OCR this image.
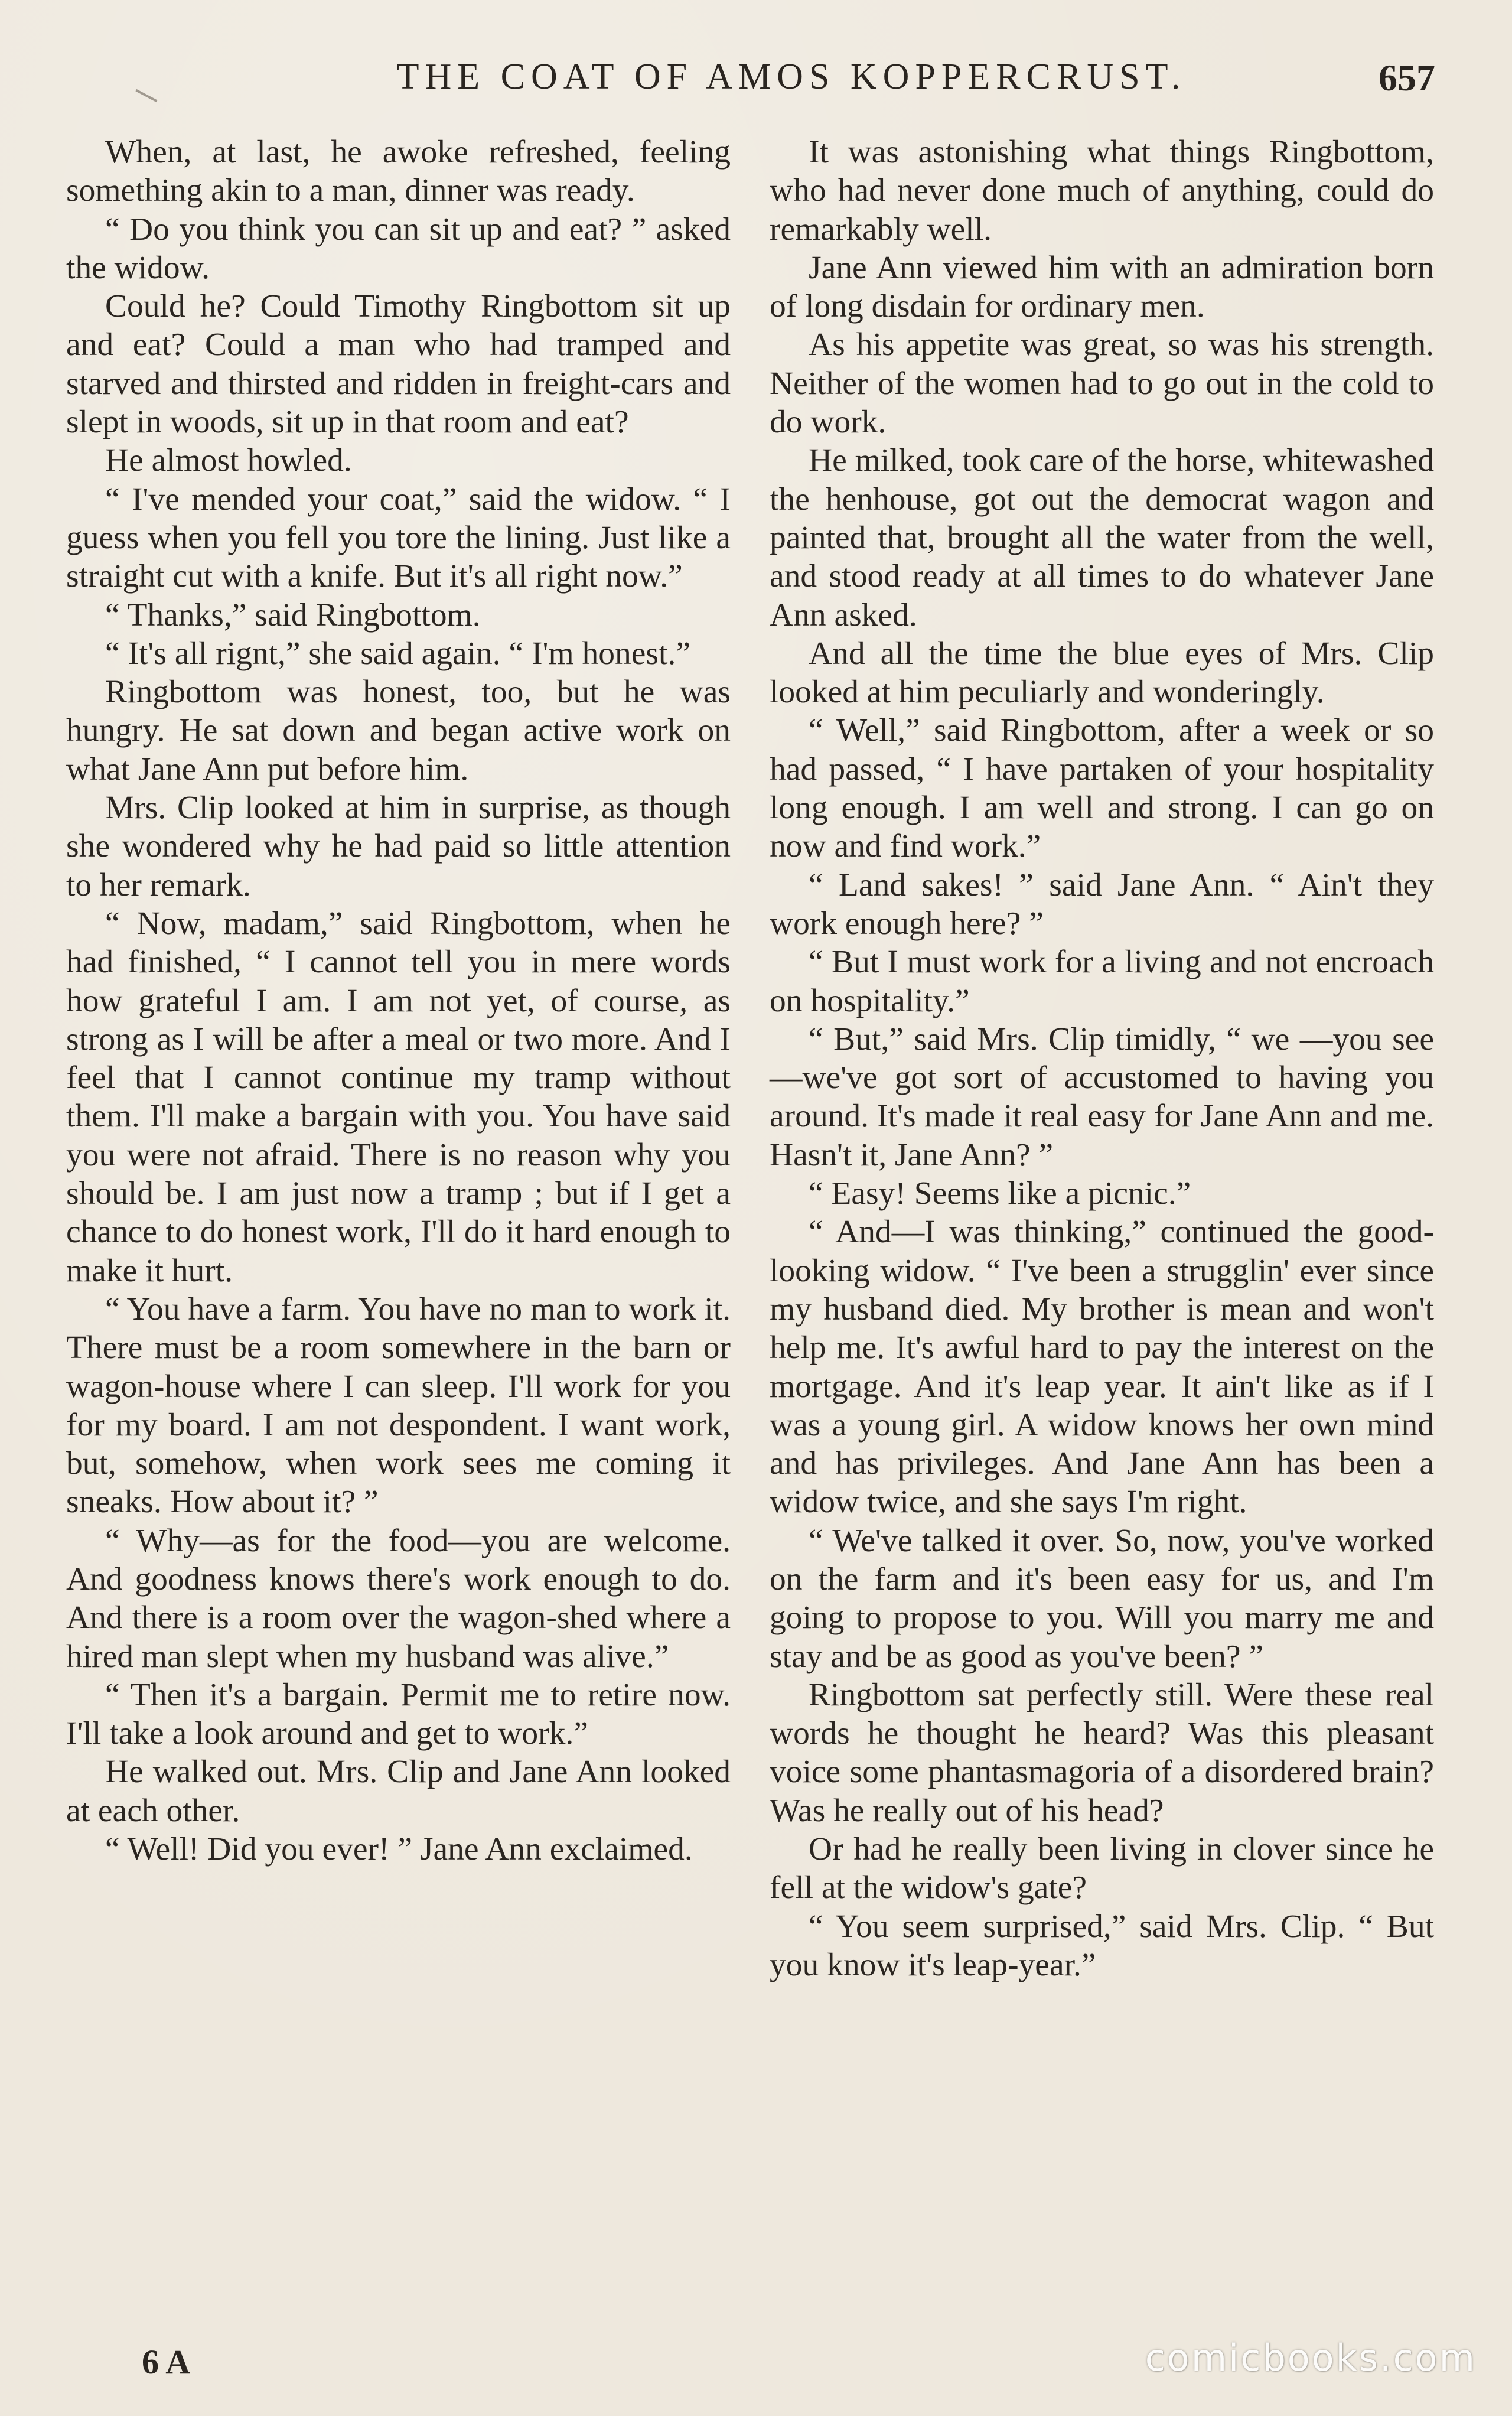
THE COAT OF AMOS KOPPERCRUST.	657

When, at last, he awoke refreshed, feeling something akin to a man, dinner was ready.

“ Do you think you can sit up and eat? ” asked the widow.

Could he? Could Timothy Ringbottom sit up and eat? Could a man who had tramped and starved and thirsted and ridden in freight-cars and slept in woods, sit up in that room and eat?

He almost howled.

“ I've mended your coat,” said the widow. “ I guess when you fell you tore the lining. Just like a straight cut with a knife. But it's all right now.”

“ Thanks,” said Ringbottom.

“ It's all rignt,” she said again. “ I'm honest.”

Ringbottom was honest, too, but he was hungry. He sat down and began active work on what Jane Ann put before him.

Mrs. Clip looked at him in surprise, as though she wondered why he had paid so little attention to her remark.

“ Now, madam,” said Ringbottom, when he had finished, “ I cannot tell you in mere words how grateful I am. I am not yet, of course, as strong as I will be after a meal or two more. And I feel that I cannot continue my tramp without them. I'll make a bargain with you. You have said you were not afraid. There is no reason why you should be. I am just now a tramp ; but if I get a chance to do honest work, I'll do it hard enough to make it hurt.

“ You have a farm. You have no man to work it. There must be a room somewhere in the barn or wagon-house where I can sleep. I'll work for you for my board. I am not despondent. I want work, but, somehow, when work sees me coming it sneaks. How about it? ”

“ Why—as for the food—you are welcome. And goodness knows there's work enough to do. And there is a room over the wagon-shed where a hired man slept when my husband was alive.”

“ Then it's a bargain. Permit me to retire now. I'll take a look around and get to work.”

He walked out. Mrs. Clip and Jane Ann looked at each other.

“ Well! Did you ever! ” Jane Ann exclaimed.

It was astonishing what things Ringbottom, who had never done much of anything, could do remarkably well.

Jane Ann viewed him with an admiration born of long disdain for ordinary men.

As his appetite was great, so was his strength. Neither of the women had to go out in the cold to do work.

He milked, took care of the horse, whitewashed the henhouse, got out the democrat wagon and painted that, brought all the water from the well, and stood ready at all times to do whatever Jane Ann asked.

And all the time the blue eyes of Mrs. Clip looked at him peculiarly and wonderingly.

“ Well,” said Ringbottom, after a week or so had passed, “ I have partaken of your hospitality long enough. I am well and strong. I can go on now and find work.”

“ Land sakes! ” said Jane Ann. “ Ain't they work enough here? ”

“ But I must work for a living and not encroach on hospitality.”

“ But,” said Mrs. Clip timidly, “ we —you see—we've got sort of accustomed to having you around. It's made it real easy for Jane Ann and me. Hasn't it, Jane Ann? ”

“ Easy! Seems like a picnic.”

“ And—I was thinking,” continued the good-looking widow. “ I've been a strugglin' ever since my husband died. My brother is mean and won't help me. It's awful hard to pay the interest on the mortgage. And it's leap year. It ain't like as if I was a young girl. A widow knows her own mind and has privileges. And Jane Ann has been a widow twice, and she says I'm right.

“ We've talked it over. So, now, you've worked on the farm and it's been easy for us, and I'm going to propose to you. Will you marry me and stay and be as good as you've been? ”

Ringbottom sat perfectly still. Were these real words he thought he heard? Was this pleasant voice some phantasmagoria of a disordered brain? Was he really out of his head?

Or had he really been living in clover since he fell at the widow's gate?

“ You seem surprised,” said Mrs. Clip. “ But you know it's leap-year.”

6 A	comicbooks.com
